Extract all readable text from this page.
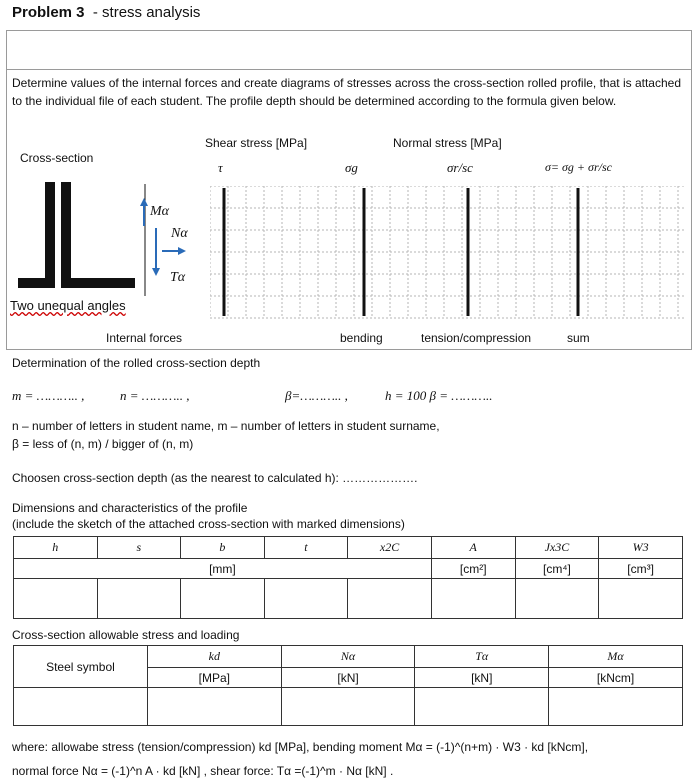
Problem 3 - stress analysis
Determine values of the internal forces and create diagrams of stresses across the cross-section rolled profile, that is attached to the individual file of each student. The profile depth should be determined according to the formula given below.
Shear stress [MPa]	Normal stress [MPa]
Cross-section
τ	σg	σr/sc	σ= σg + σr/sc
Mα
Nα
Tα
Two unequal angles
Internal forces	bending	tension/compression	sum
Determination of the rolled cross-section depth
m = ……….. ,	n = ……….. ,	β=……….. ,	h = 100 β = ………..
n – number of letters in student name, m – number of letters in student surname,
β = less of (n, m) / bigger of (n, m)
Choosen cross-section depth (as the nearest to calculated h): ……………….
Dimensions and characteristics of the profile
(include the sketch of the attached cross-section with marked dimensions)
h	s	b	t	x2C	A	Jx3C	W3
[mm]					[cm²]	[cm⁴]	[cm³]

Cross-section allowable stress and loading
Steel symbol	kd	Nα	Tα	Mα
	[MPa]	[kN]	[kN]	[kNcm]

where: allowabe stress (tension/compression) kd [MPa], bending moment Mα = (-1)^(n+m) · W3 · kd [kNcm],
normal force Nα = (-1)^n A · kd [kN] , shear force: Tα =(-1)^m · Nα [kN] .
